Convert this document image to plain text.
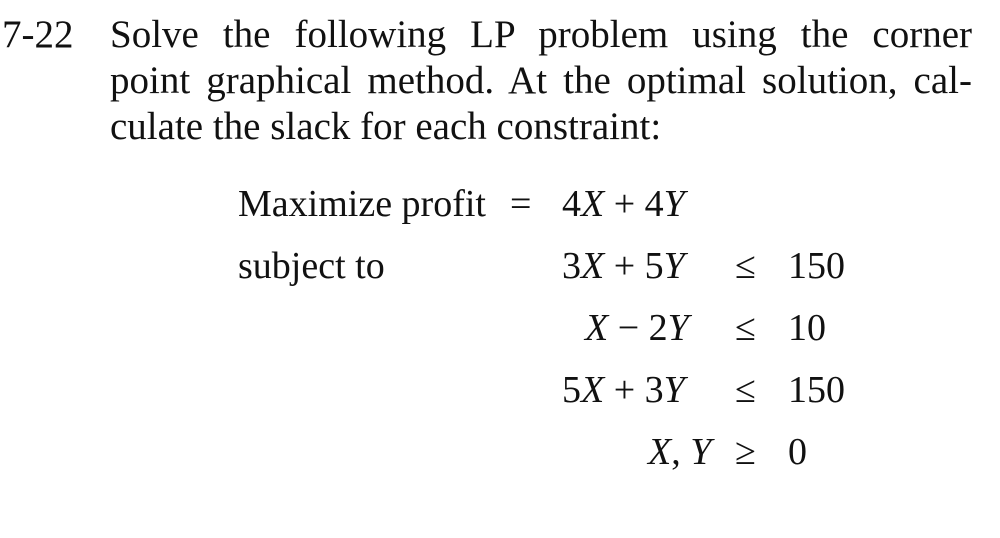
7-22 Solve the following LP problem using the corner
point graphical method. At the optimal solution, cal-
culate the slack for each constraint:
Maximize profit = 4X + 4Y
subject to	3X + 5Y ≤ 150
X − 2Y ≤ 10
5X + 3Y ≤ 150
X, Y ≥ 0
